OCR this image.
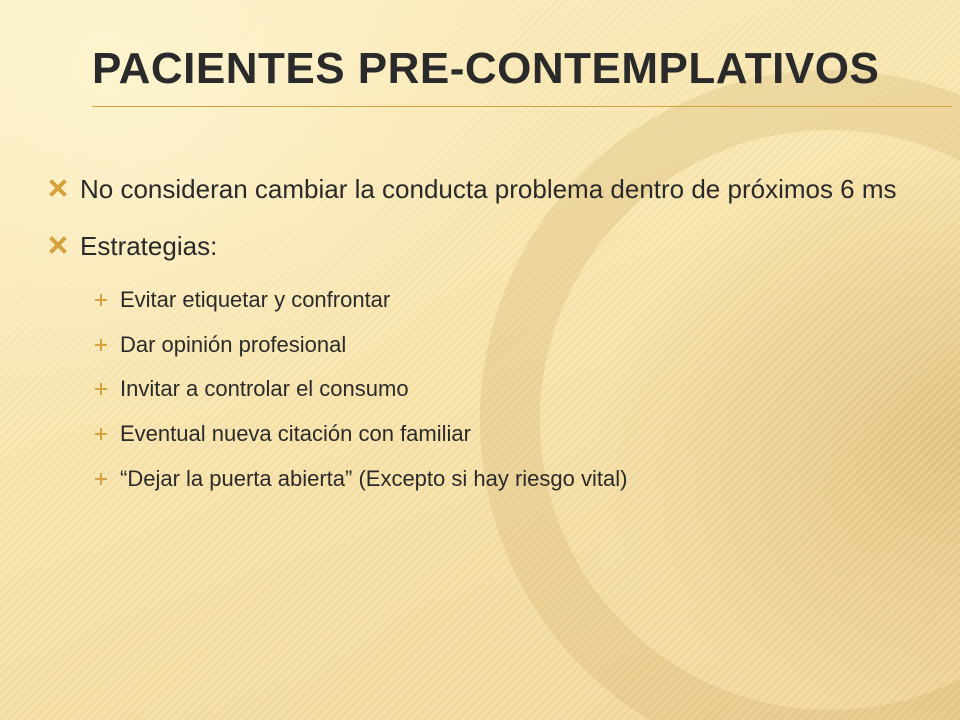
PACIENTES PRE-CONTEMPLATIVOS
No consideran cambiar la conducta problema dentro de próximos 6 ms
Estrategias:
Evitar etiquetar y confrontar
Dar opinión profesional
Invitar a controlar el consumo
Eventual nueva citación con familiar
“Dejar la puerta abierta” (Excepto si hay riesgo vital)
